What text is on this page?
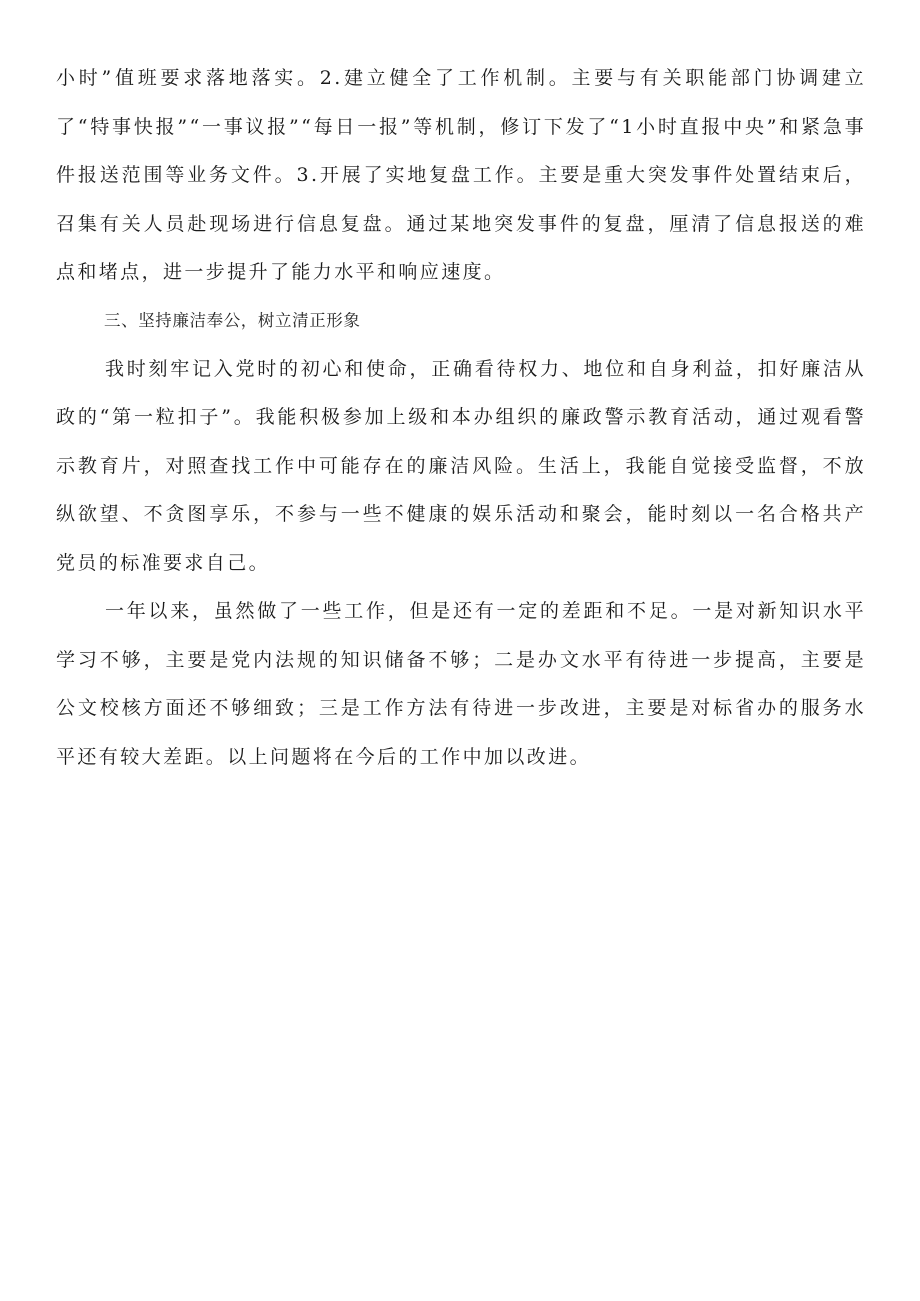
小时”值班要求落地落实。2.建立健全了工作机制。主要与有关职能部门协调建立了“特事快报”“一事议报”“每日一报”等机制，修订下发了“1小时直报中央”和紧急事件报送范围等业务文件。3.开展了实地复盘工作。主要是重大突发事件处置结束后，召集有关人员赴现场进行信息复盘。通过某地突发事件的复盘，厘清了信息报送的难点和堵点，进一步提升了能力水平和响应速度。

三、坚持廉洁奉公，树立清正形象

我时刻牢记入党时的初心和使命，正确看待权力、地位和自身利益，扣好廉洁从政的“第一粒扣子”。我能积极参加上级和本办组织的廉政警示教育活动，通过观看警示教育片，对照查找工作中可能存在的廉洁风险。生活上，我能自觉接受监督，不放纵欲望、不贪图享乐，不参与一些不健康的娱乐活动和聚会，能时刻以一名合格共产党员的标准要求自己。

一年以来，虽然做了一些工作，但是还有一定的差距和不足。一是对新知识水平学习不够，主要是党内法规的知识储备不够；二是办文水平有待进一步提高，主要是公文校核方面还不够细致；三是工作方法有待进一步改进，主要是对标省办的服务水平还有较大差距。以上问题将在今后的工作中加以改进。
